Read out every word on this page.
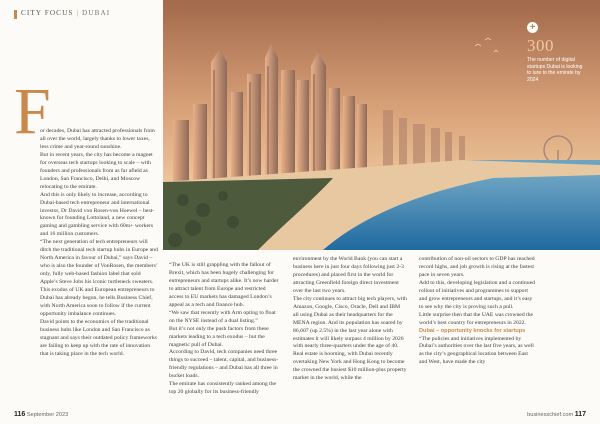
CITY FOCUS | DUBAI
+
300
The number of digital startups Dubai is looking to lure to the emirate by 2024
F

or decades, Dubai has attracted professionals from all over the world, largely thanks to lower taxes, less crime and year-round sunshine.

But in recent years, the city has become a magnet for overseas tech startups looking to scale – with founders and professionals from as far afield as London, San Francisco, Delhi, and Moscow relocating to the emirate.

And this is only likely to increase, according to Dubai-based tech entrepreneur and international investor, Dr David von Rosen-von Hoewel – best-known for founding Lottoland, a new concept gaming and gambling service with 60m+ workers and 16 million customers.

“The next generation of tech entrepreneurs will ditch the traditional tech startup hubs in Europe and North America in favour of Dubai,” says David – who is also the founder of VonRosen, the members’ only, fully web-based fashion label that sold Apple’s Steve Jobs his iconic turtleneck sweaters.

This exodus of UK and European entrepreneurs to Dubai has already begun, he tells Business Chief, with North America soon to follow if the current opportunity imbalance continues.

David points to the economics of the traditional business hubs like London and San Francisco as stagnant and says their outdated policy frameworks are failing to keep up with the rate of innovation that is taking place in the tech world.

“The UK is still grappling with the fallout of Brexit, which has been hugely challenging for entrepreneurs and startups alike. It’s now harder to attract talent from Europe and restricted access to EU markets has damaged London’s appeal as a tech and finance hub.

“We saw that recently with Arm opting to float on the NYSE instead of a dual listing.”

But it’s not only the push factors from these markets leading to a tech exodus – but the magnetic pull of Dubai.

According to David, tech companies need three things to succeed – talent, capital, and business-friendly regulations – and Dubai has all three in bucket loads.

The emirate has consistently ranked among the top 20 globally for its business-friendly

environment by the World Bank (you can start a business here in just four days following just 2-3 procedures) and placed first in the world for attracting Greenfield foreign direct investment over the last two years.

The city continues to attract big tech players, with Amazon, Google, Cisco, Oracle, Dell and IBM all using Dubai as their headquarters for the MENA region. And its population has soared by 86,607 (up 2.5%) in the last year alone with estimates it will likely surpass 4 million by 2026 with nearly three-quarters under the age of 40.

Real estate is booming, with Dubai recently overtaking New York and Hong Kong to become the crowned the busiest $10 million-plus property market in the world, while the

contribution of non-oil sectors to GDP has reached record highs, and job growth is rising at the fastest pace in seven years.

Add to this, developing legislation and a continued rollout of initiatives and programmes to support and grow entrepreneurs and startups, and it’s easy to see why the city is proving such a pull.

Little surprise then that the UAE was crowned the world’s best country for entrepreneurs in 2022.

Dubai – opportunity knocks for startups

“The policies and initiatives implemented by Dubai’s authorities over the last five years, as well as the city’s geographical location between East and West, have made the city

116 September 2023	businesschief.com 117
